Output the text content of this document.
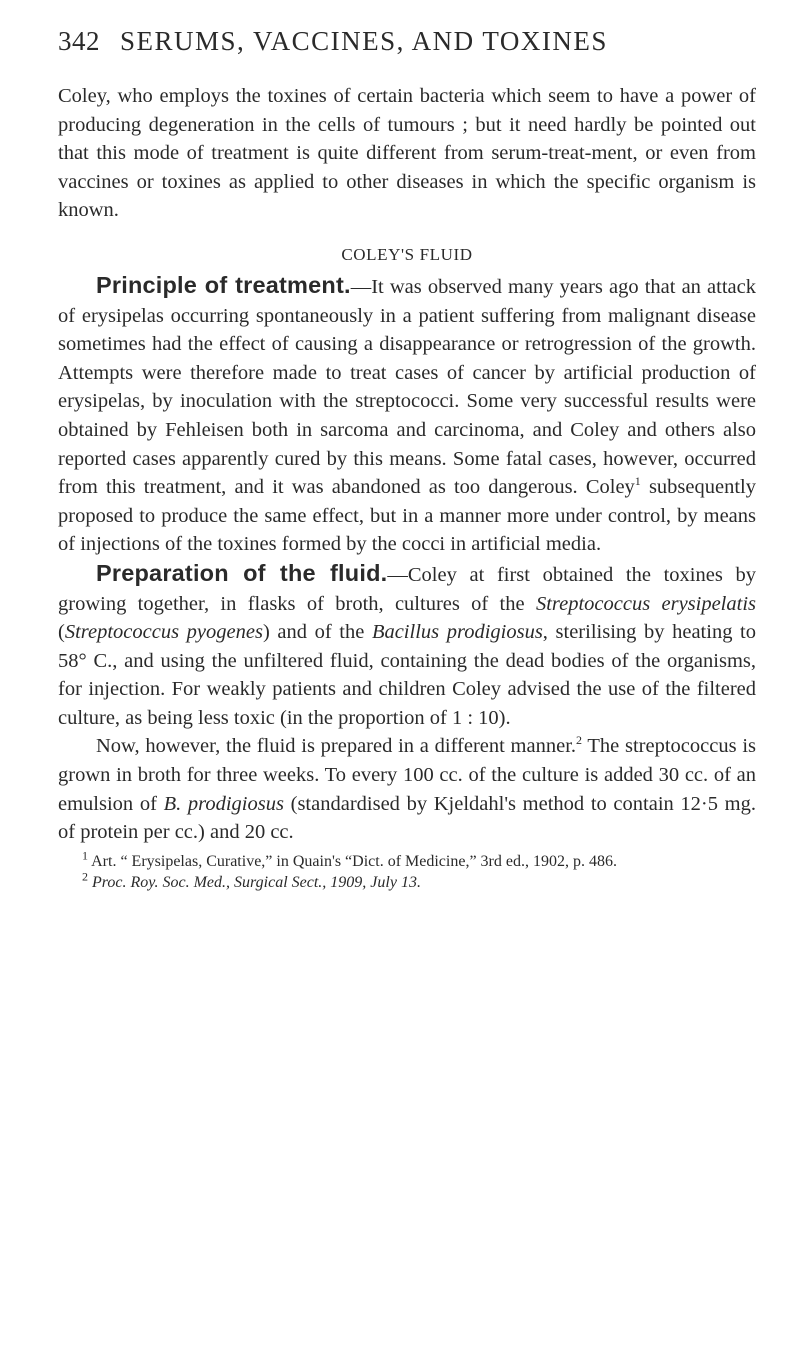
342 SERUMS, VACCINES, AND TOXINES

Coley, who employs the toxines of certain bacteria which seem to have a power of producing degeneration in the cells of tumours ; but it need hardly be pointed out that this mode of treatment is quite different from serum-treat-ment, or even from vaccines or toxines as applied to other diseases in which the specific organism is known.

COLEY'S FLUID

Principle of treatment.—It was observed many years ago that an attack of erysipelas occurring spontaneously in a patient suffering from malignant disease sometimes had the effect of causing a disappearance or retrogression of the growth. Attempts were therefore made to treat cases of cancer by artificial production of erysipelas, by inoculation with the streptococci. Some very successful results were obtained by Fehleisen both in sarcoma and carcinoma, and Coley and others also reported cases apparently cured by this means. Some fatal cases, however, occurred from this treatment, and it was abandoned as too dangerous. Coley$^1$ subsequently proposed to produce the same effect, but in a manner more under control, by means of injections of the toxines formed by the cocci in artificial media.

Preparation of the fluid.—Coley at first obtained the toxines by growing together, in flasks of broth, cultures of the Streptococcus erysipelatis (Streptococcus pyogenes) and of the Bacillus prodigiosus, sterilising by heating to 58° C., and using the unfiltered fluid, containing the dead bodies of the organisms, for injection. For weakly patients and children Coley advised the use of the filtered culture, as being less toxic (in the proportion of 1 : 10).

Now, however, the fluid is prepared in a different manner.$^2$ The streptococcus is grown in broth for three weeks. To every 100 cc. of the culture is added 30 cc. of an emulsion of B. prodigiosus (standardised by Kjeldahl's method to contain 12·5 mg. of protein per cc.) and 20 cc.

$^1$ Art. “ Erysipelas, Curative,” in Quain's “Dict. of Medicine,” 3rd ed., 1902, p. 486.

$^2$ Proc. Roy. Soc. Med., Surgical Sect., 1909, July 13.
